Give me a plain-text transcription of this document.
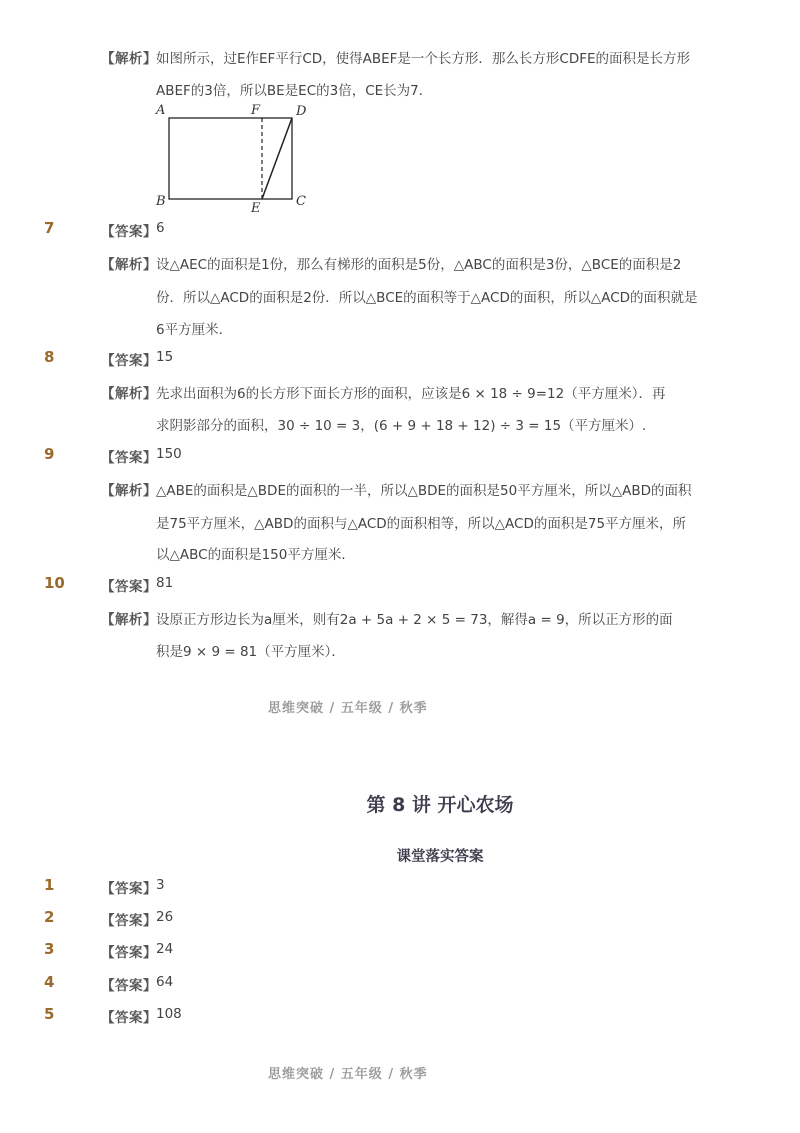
【解析】 如图所示，过E作EF平行CD，使得ABEF是一个长方形．那么长方形CDFE的面积是长方形
ABEF的3倍，所以BE是EC的3倍，CE长为7．
A	F	D
B	E	C
7	【答案】 6
【解析】 设△AEC的面积是1份，那么有梯形的面积是5份，△ABC的面积是3份，△BCE的面积是2
份．所以△ACD的面积是2份．所以△BCE的面积等于△ACD的面积，所以△ACD的面积就是
6平方厘米．
8	【答案】 15
【解析】 先求出面积为6的长方形下面长方形的面积，应该是6 × 18 ÷ 9=12（平方厘米）．再
求阴影部分的面积，30 ÷ 10 = 3，(6 + 9 + 18 + 12) ÷ 3 = 15（平方厘米）.
9	【答案】 150
【解析】 △ABE的面积是△BDE的面积的一半，所以△BDE的面积是50平方厘米，所以△ABD的面积
是75平方厘米，△ABD的面积与△ACD的面积相等，所以△ACD的面积是75平方厘米，所
以△ABC的面积是150平方厘米．
10	【答案】 81
【解析】 设原正方形边长为a厘米，则有2a + 5a + 2 × 5 = 73，解得a = 9，所以正方形的面
积是9 × 9 = 81（平方厘米）．
思维突破 / 五年级 / 秋季
第 8 讲 开心农场
课堂落实答案
1	【答案】 3
2	【答案】 26
3	【答案】 24
4	【答案】 64
5	【答案】 108
思维突破 / 五年级 / 秋季
